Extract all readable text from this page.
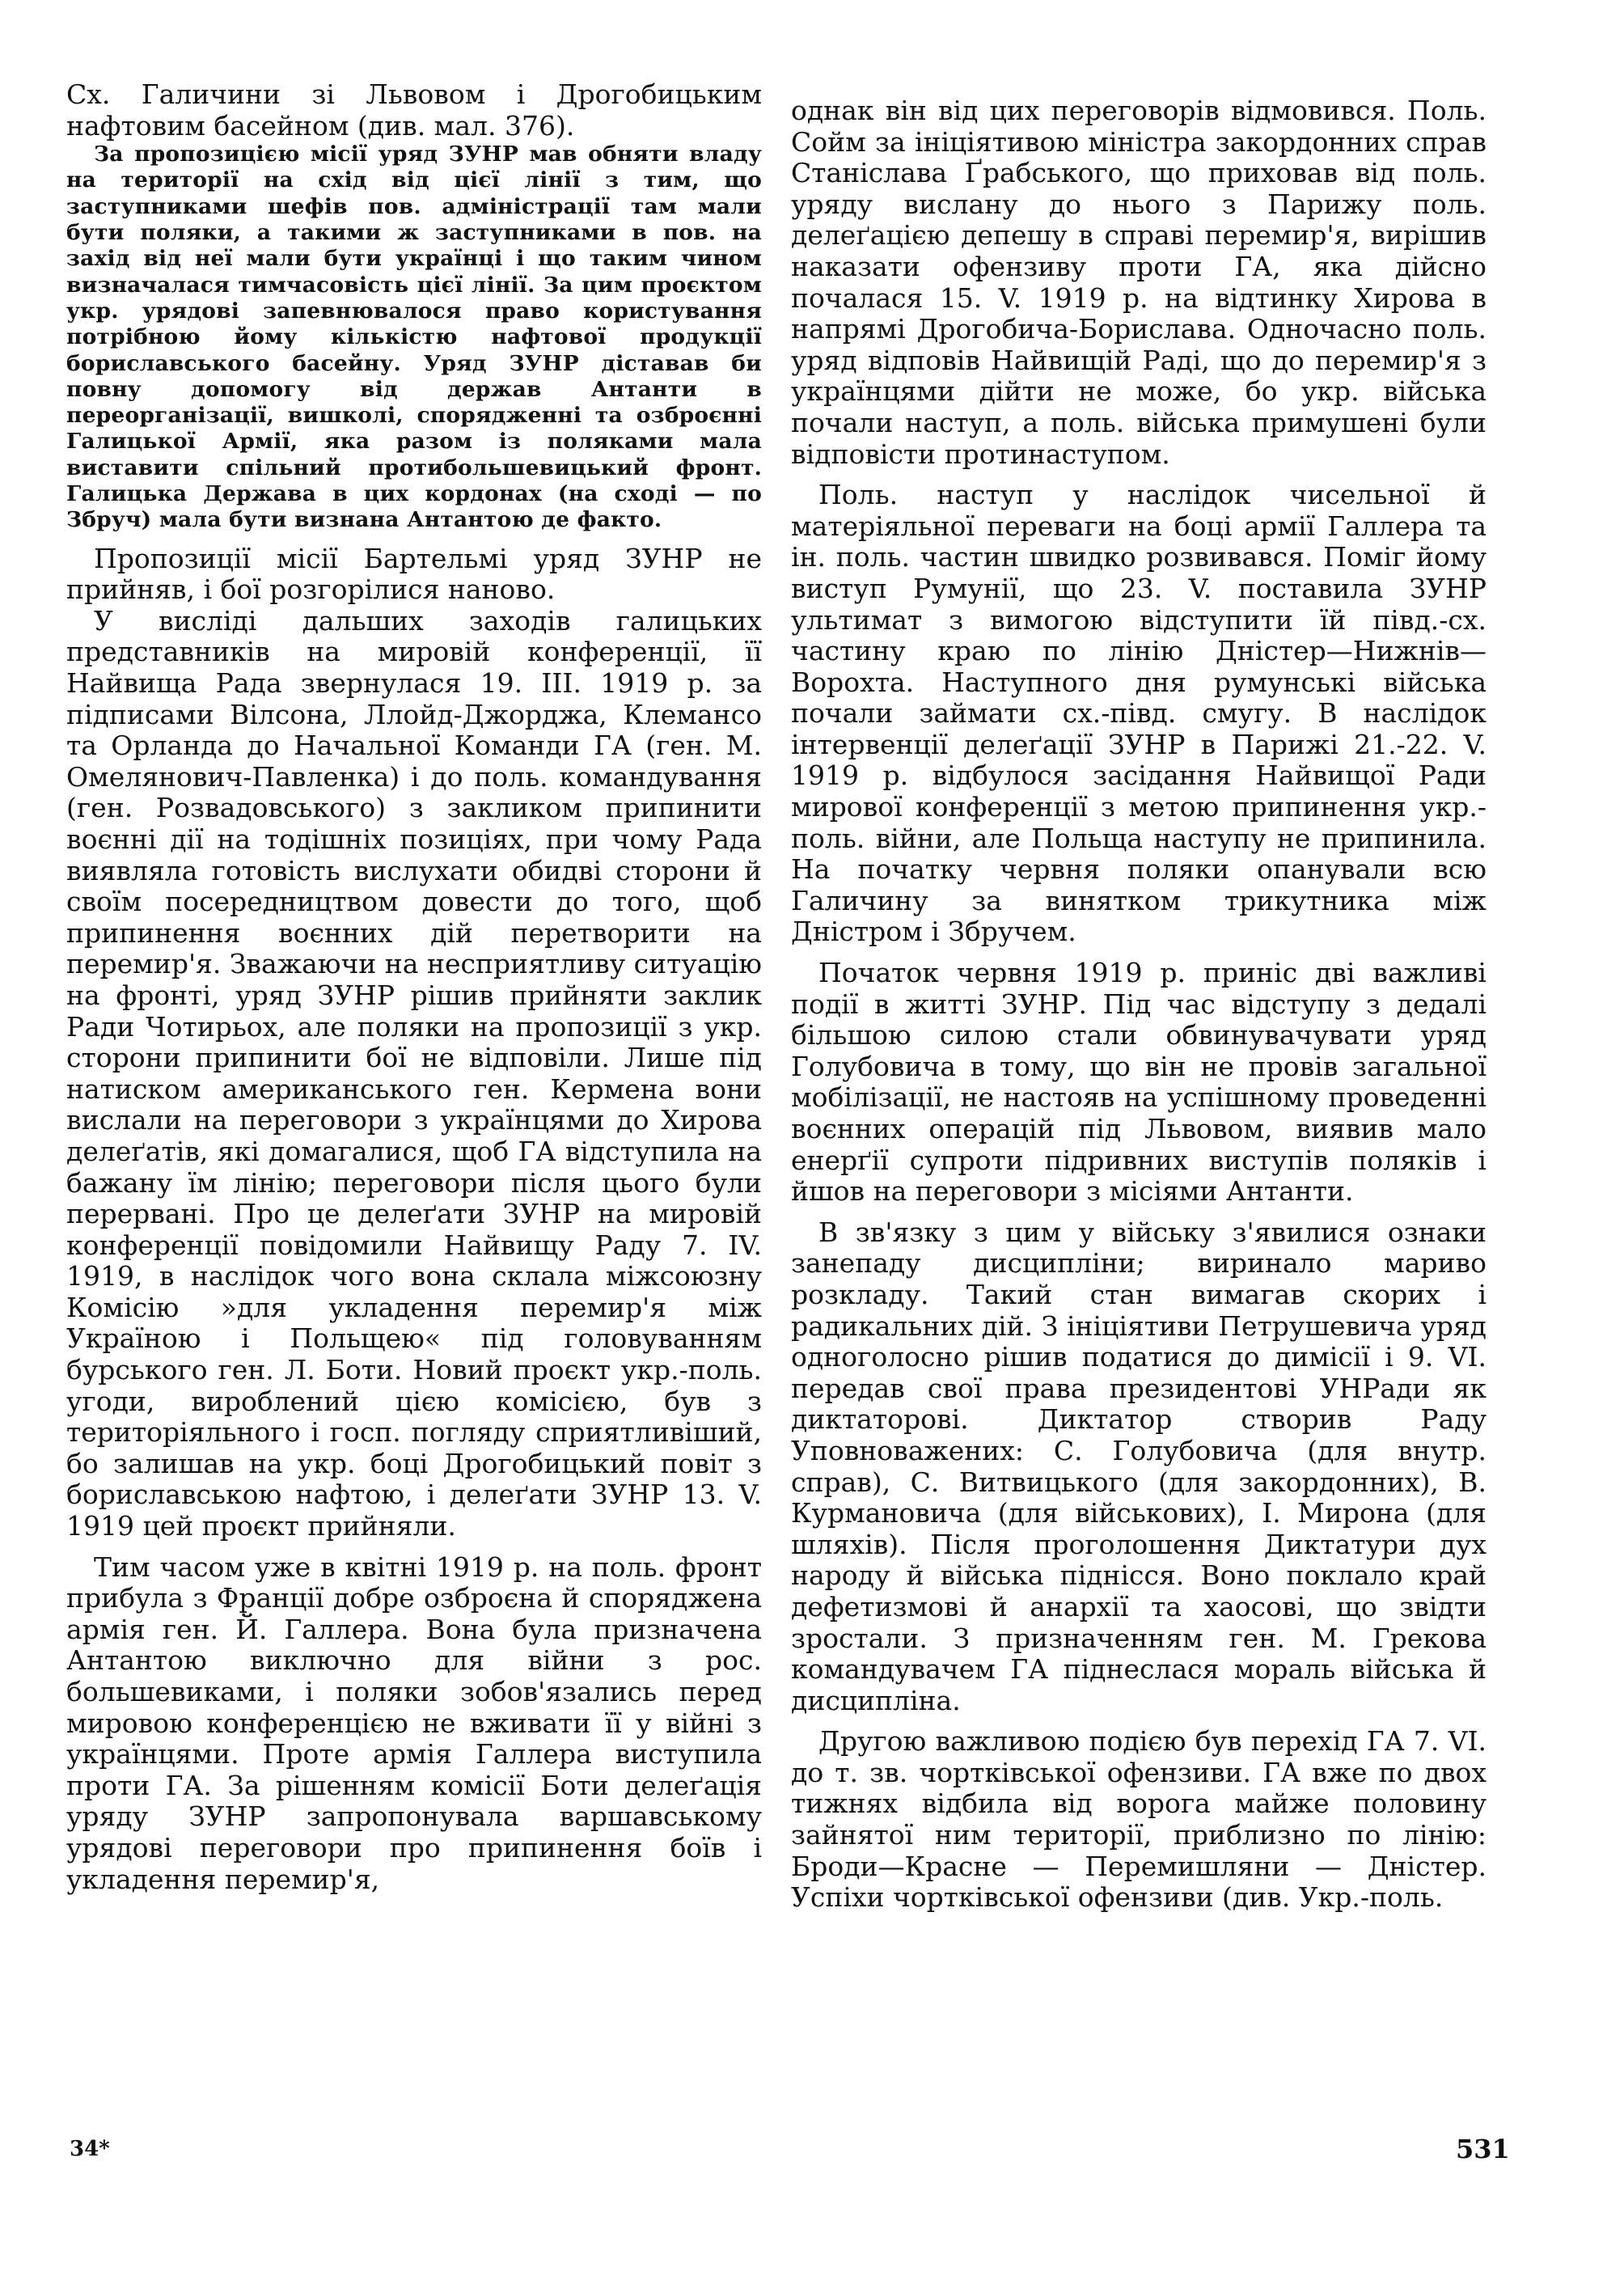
Сх. Галичини зі Львовом і Дрогобицьким нафтовим басейном (див. мал. 376).

За пропозицією місії уряд ЗУНР мав обняти владу на території на схід від цієї лінії з тим, що заступниками шефів пов. адміністрації там мали бути поляки, а такими ж заступниками в пов. на захід від неї мали бути українці і що таким чином визначалася тимчасовість цієї лінії. За цим проєктом укр. урядові запевнювалося право користування потрібною йому кількістю нафтової продукції бориславського басейну. Уряд ЗУНР діставав би повну допомогу від держав Антанти в переорганізації, вишколі, спорядженні та озброєнні Галицької Армії, яка разом із поляками мала виставити спільний протибольшевицький фронт. Галицька Держава в цих кордонах (на сході — по Збруч) мала бути визнана Антантою де факто.

Пропозиції місії Бартельмі уряд ЗУНР не прийняв, і бої розгорілися наново.

У висліді дальших заходів галицьких представників на мировій конференції, її Найвища Рада звернулася 19. III. 1919 р. за підписами Вілсона, Ллойд-Джорджа, Клемансо та Орланда до Начальної Команди ГА (ген. М. Омелянович-Павленка) і до поль. командування (ген. Розвадовського) з закликом припинити воєнні дії на тодішніх позиціях, при чому Рада виявляла готовість вислухати обидві сторони й своїм посередництвом довести до того, щоб припинення воєнних дій перетворити на перемир'я. Зважаючи на несприятливу ситуацію на фронті, уряд ЗУНР рішив прийняти заклик Ради Чотирьох, але поляки на пропозиції з укр. сторони припинити бої не відповіли. Лише під натиском американського ген. Кермена вони вислали на переговори з українцями до Хирова делеґатів, які домагалися, щоб ГА відступила на бажану їм лінію; переговори після цього були перервані. Про це делеґати ЗУНР на мировій конференції повідомили Найвищу Раду 7. IV. 1919, в наслідок чого вона склала міжсоюзну Комісію »для укладення перемир'я між Україною і Польщею« під головуванням бурського ген. Л. Боти. Новий проєкт укр.-поль. угоди, вироблений цією комісією, був з територіяльного і госп. погляду сприятливіший, бо залишав на укр. боці Дрогобицький повіт з бориславською нафтою, і делеґати ЗУНР 13. V. 1919 цей проєкт прийняли.

Тим часом уже в квітні 1919 р. на поль. фронт прибула з Франції добре озброєна й споряджена армія ген. Й. Галлера. Вона була призначена Антантою виключно для війни з рос. большевиками, і поляки зобов'язались перед мировою конференцією не вживати її у війні з українцями. Проте армія Галлера виступила проти ГА. За рішенням комісії Боти делеґація уряду ЗУНР запропонувала варшавському урядові переговори про припинення боїв і укладення перемир'я,

однак він від цих переговорів відмовився. Поль. Сойм за ініціятивою міністра закордонних справ Станіслава Ґрабського, що приховав від поль. уряду вислану до нього з Парижу поль. делеґацією депешу в справі перемир'я, вирішив наказати офензиву проти ГА, яка дійсно почалася 15. V. 1919 р. на відтинку Хирова в напрямі Дрогобича-Борислава. Одночасно поль. уряд відповів Найвищій Раді, що до перемир'я з українцями дійти не може, бо укр. війська почали наступ, а поль. війська примушені були відповісти протинаступом.

Поль. наступ у наслідок чисельної й матеріяльної переваги на боці армії Галлера та ін. поль. частин швидко розвивався. Поміг йому виступ Румунії, що 23. V. поставила ЗУНР ультимат з вимогою відступити їй півд.-сх. частину краю по лінію Дністер—Нижнів—Ворохта. Наступного дня румунські війська почали займати сх.-півд. смугу. В наслідок інтервенції делеґації ЗУНР в Парижі 21.-22. V. 1919 р. відбулося засідання Найвищої Ради мирової конференції з метою припинення укр.-поль. війни, але Польща наступу не припинила. На початку червня поляки опанували всю Галичину за винятком трикутника між Дністром і Збручем.

Початок червня 1919 р. приніс дві важливі події в житті ЗУНР. Під час відступу з дедалі більшою силою стали обвинувачувати уряд Голубовича в тому, що він не провів загальної мобілізації, не настояв на успішному проведенні воєнних операцій під Львовом, виявив мало енерґії супроти підривних виступів поляків і йшов на переговори з місіями Антанти.

В зв'язку з цим у війську з'явилися ознаки занепаду дисципліни; виринало мариво розкладу. Такий стан вимагав скорих і радикальних дій. З ініціятиви Петрушевича уряд одноголосно рішив податися до димісії і 9. VI. передав свої права президентові УНРади як диктаторові. Диктатор створив Раду Уповноважених: С. Голубовича (для внутр. справ), С. Витвицького (для закордонних), В. Курмановича (для військових), І. Мирона (для шляхів). Після проголошення Диктатури дух народу й війська піднісся. Воно поклало край дефетизмові й анархії та хаосові, що звідти зростали. З призначенням ген. М. Грекова командувачем ГА піднеслася мораль війська й дисципліна.

Другою важливою подією був перехід ГА 7. VI. до т. зв. чортківської офензиви. ГА вже по двох тижнях відбила від ворога майже половину зайнятої ним території, приблизно по лінію: Броди—Красне — Перемишляни — Дністер. Успіхи чортківської офензиви (див. Укр.-поль.

34*	531
